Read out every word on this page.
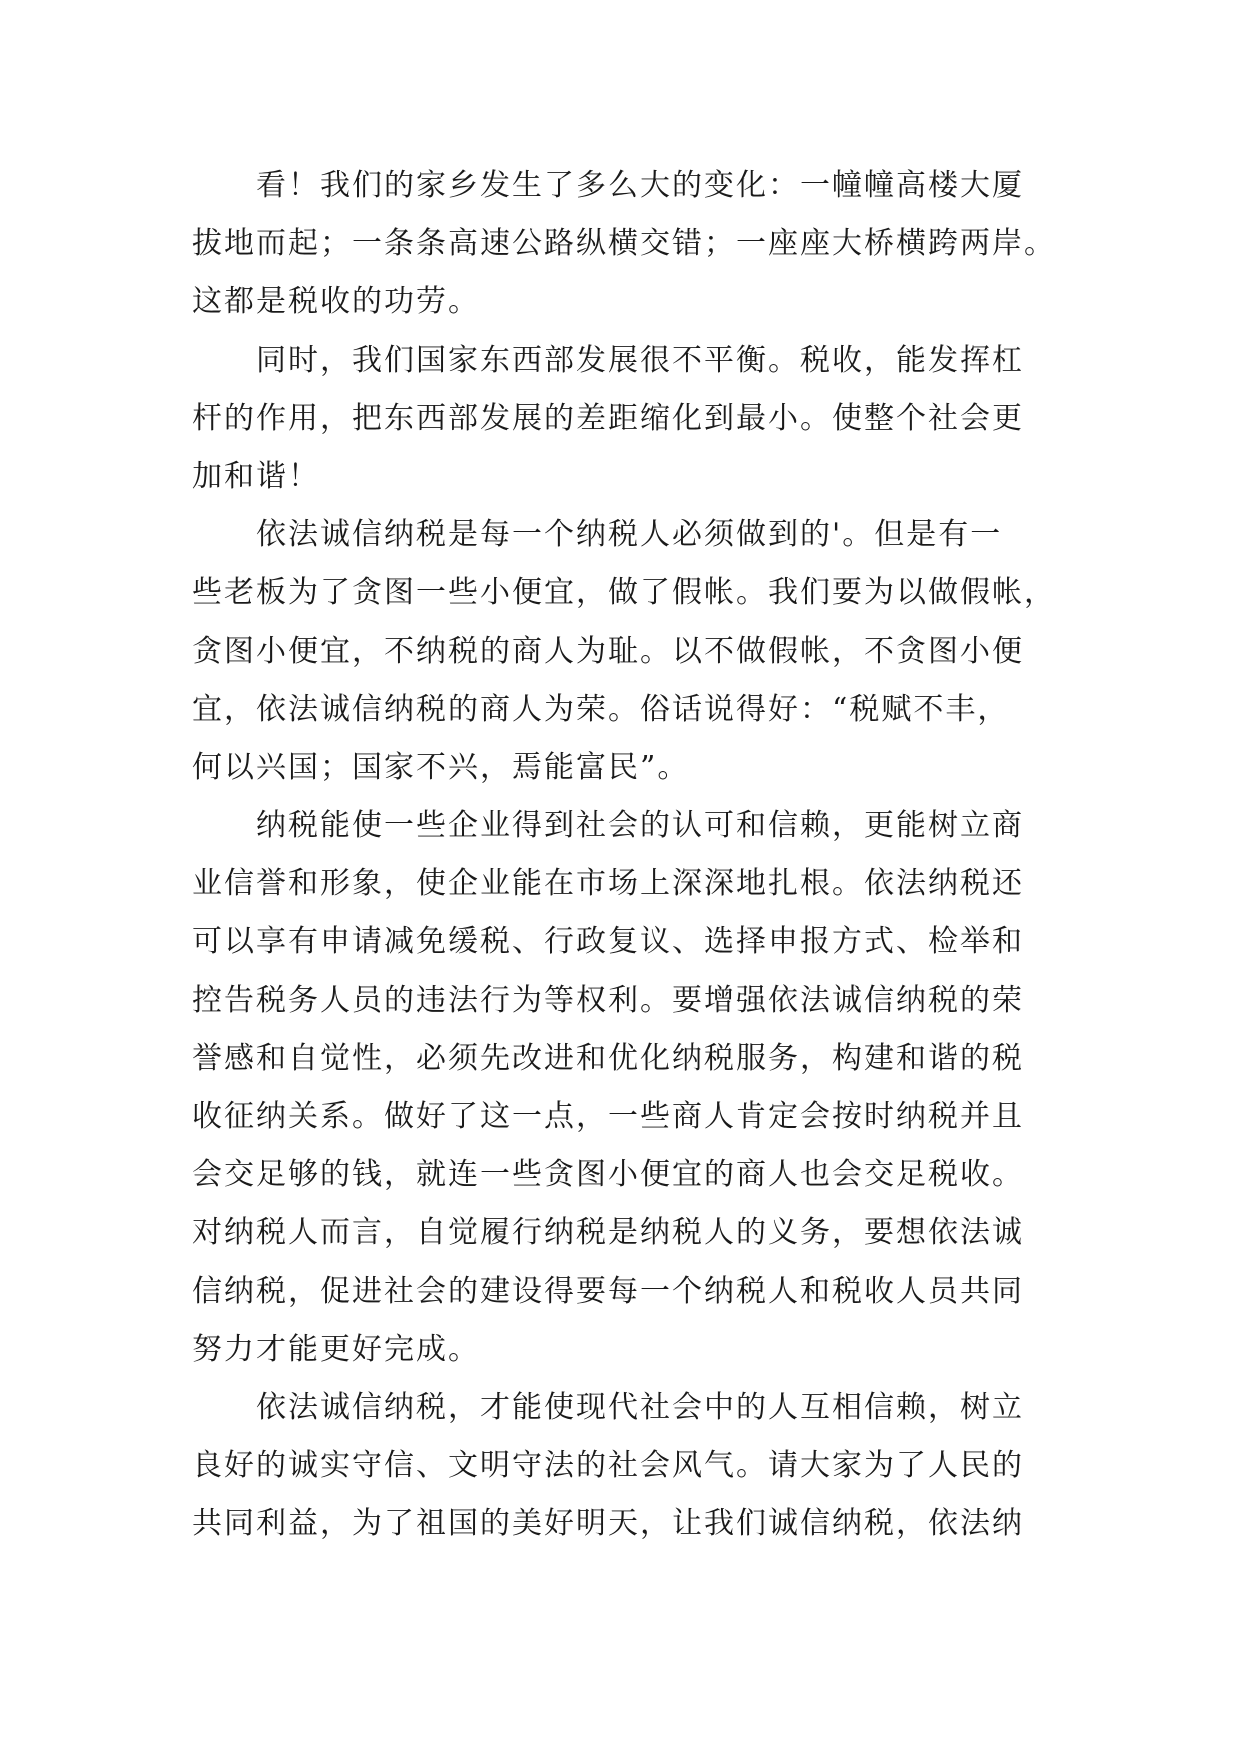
看！我们的家乡发生了多么大的变化：一幢幢高楼大厦
拔地而起；一条条高速公路纵横交错；一座座大桥横跨两岸。
这都是税收的功劳。
同时，我们国家东西部发展很不平衡。税收，能发挥杠
杆的作用，把东西部发展的差距缩化到最小。使整个社会更
加和谐！
依法诚信纳税是每一个纳税人必须做到的'。但是有一
些老板为了贪图一些小便宜，做了假帐。我们要为以做假帐，
贪图小便宜，不纳税的商人为耻。以不做假帐，不贪图小便
宜，依法诚信纳税的商人为荣。俗话说得好：“税赋不丰，
何以兴国；国家不兴，焉能富民”。
纳税能使一些企业得到社会的认可和信赖，更能树立商
业信誉和形象，使企业能在市场上深深地扎根。依法纳税还
可以享有申请减免缓税、行政复议、选择申报方式、检举和
控告税务人员的违法行为等权利。要增强依法诚信纳税的荣
誉感和自觉性，必须先改进和优化纳税服务，构建和谐的税
收征纳关系。做好了这一点，一些商人肯定会按时纳税并且
会交足够的钱，就连一些贪图小便宜的商人也会交足税收。
对纳税人而言，自觉履行纳税是纳税人的义务，要想依法诚
信纳税，促进社会的建设得要每一个纳税人和税收人员共同
努力才能更好完成。
依法诚信纳税，才能使现代社会中的人互相信赖，树立
良好的诚实守信、文明守法的社会风气。请大家为了人民的
共同利益，为了祖国的美好明天，让我们诚信纳税，依法纳
